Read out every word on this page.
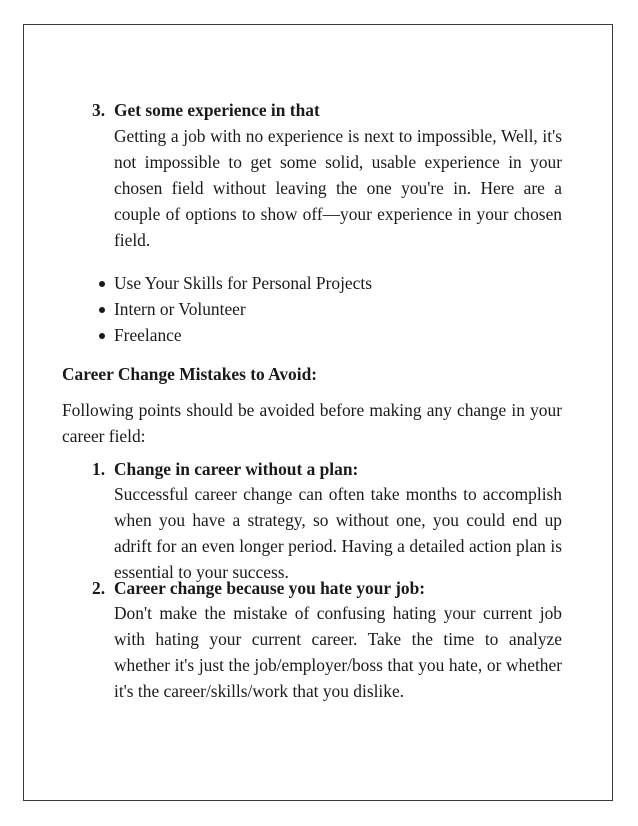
3. Get some experience in that
Getting a job with no experience is next to impossible, Well, it's not impossible to get some solid, usable experience in your chosen field without leaving the one you're in. Here are a couple of options to show off—your experience in your chosen field.
Use Your Skills for Personal Projects
Intern or Volunteer
Freelance
Career Change Mistakes to Avoid:
Following points should be avoided before making any change in your career field:
1. Change in career without a plan:
Successful career change can often take months to accomplish when you have a strategy, so without one, you could end up adrift for an even longer period. Having a detailed action plan is essential to your success.
2. Career change because you hate your job:
Don't make the mistake of confusing hating your current job with hating your current career. Take the time to analyze whether it's just the job/employer/boss that you hate, or whether it's the career/skills/work that you dislike.
